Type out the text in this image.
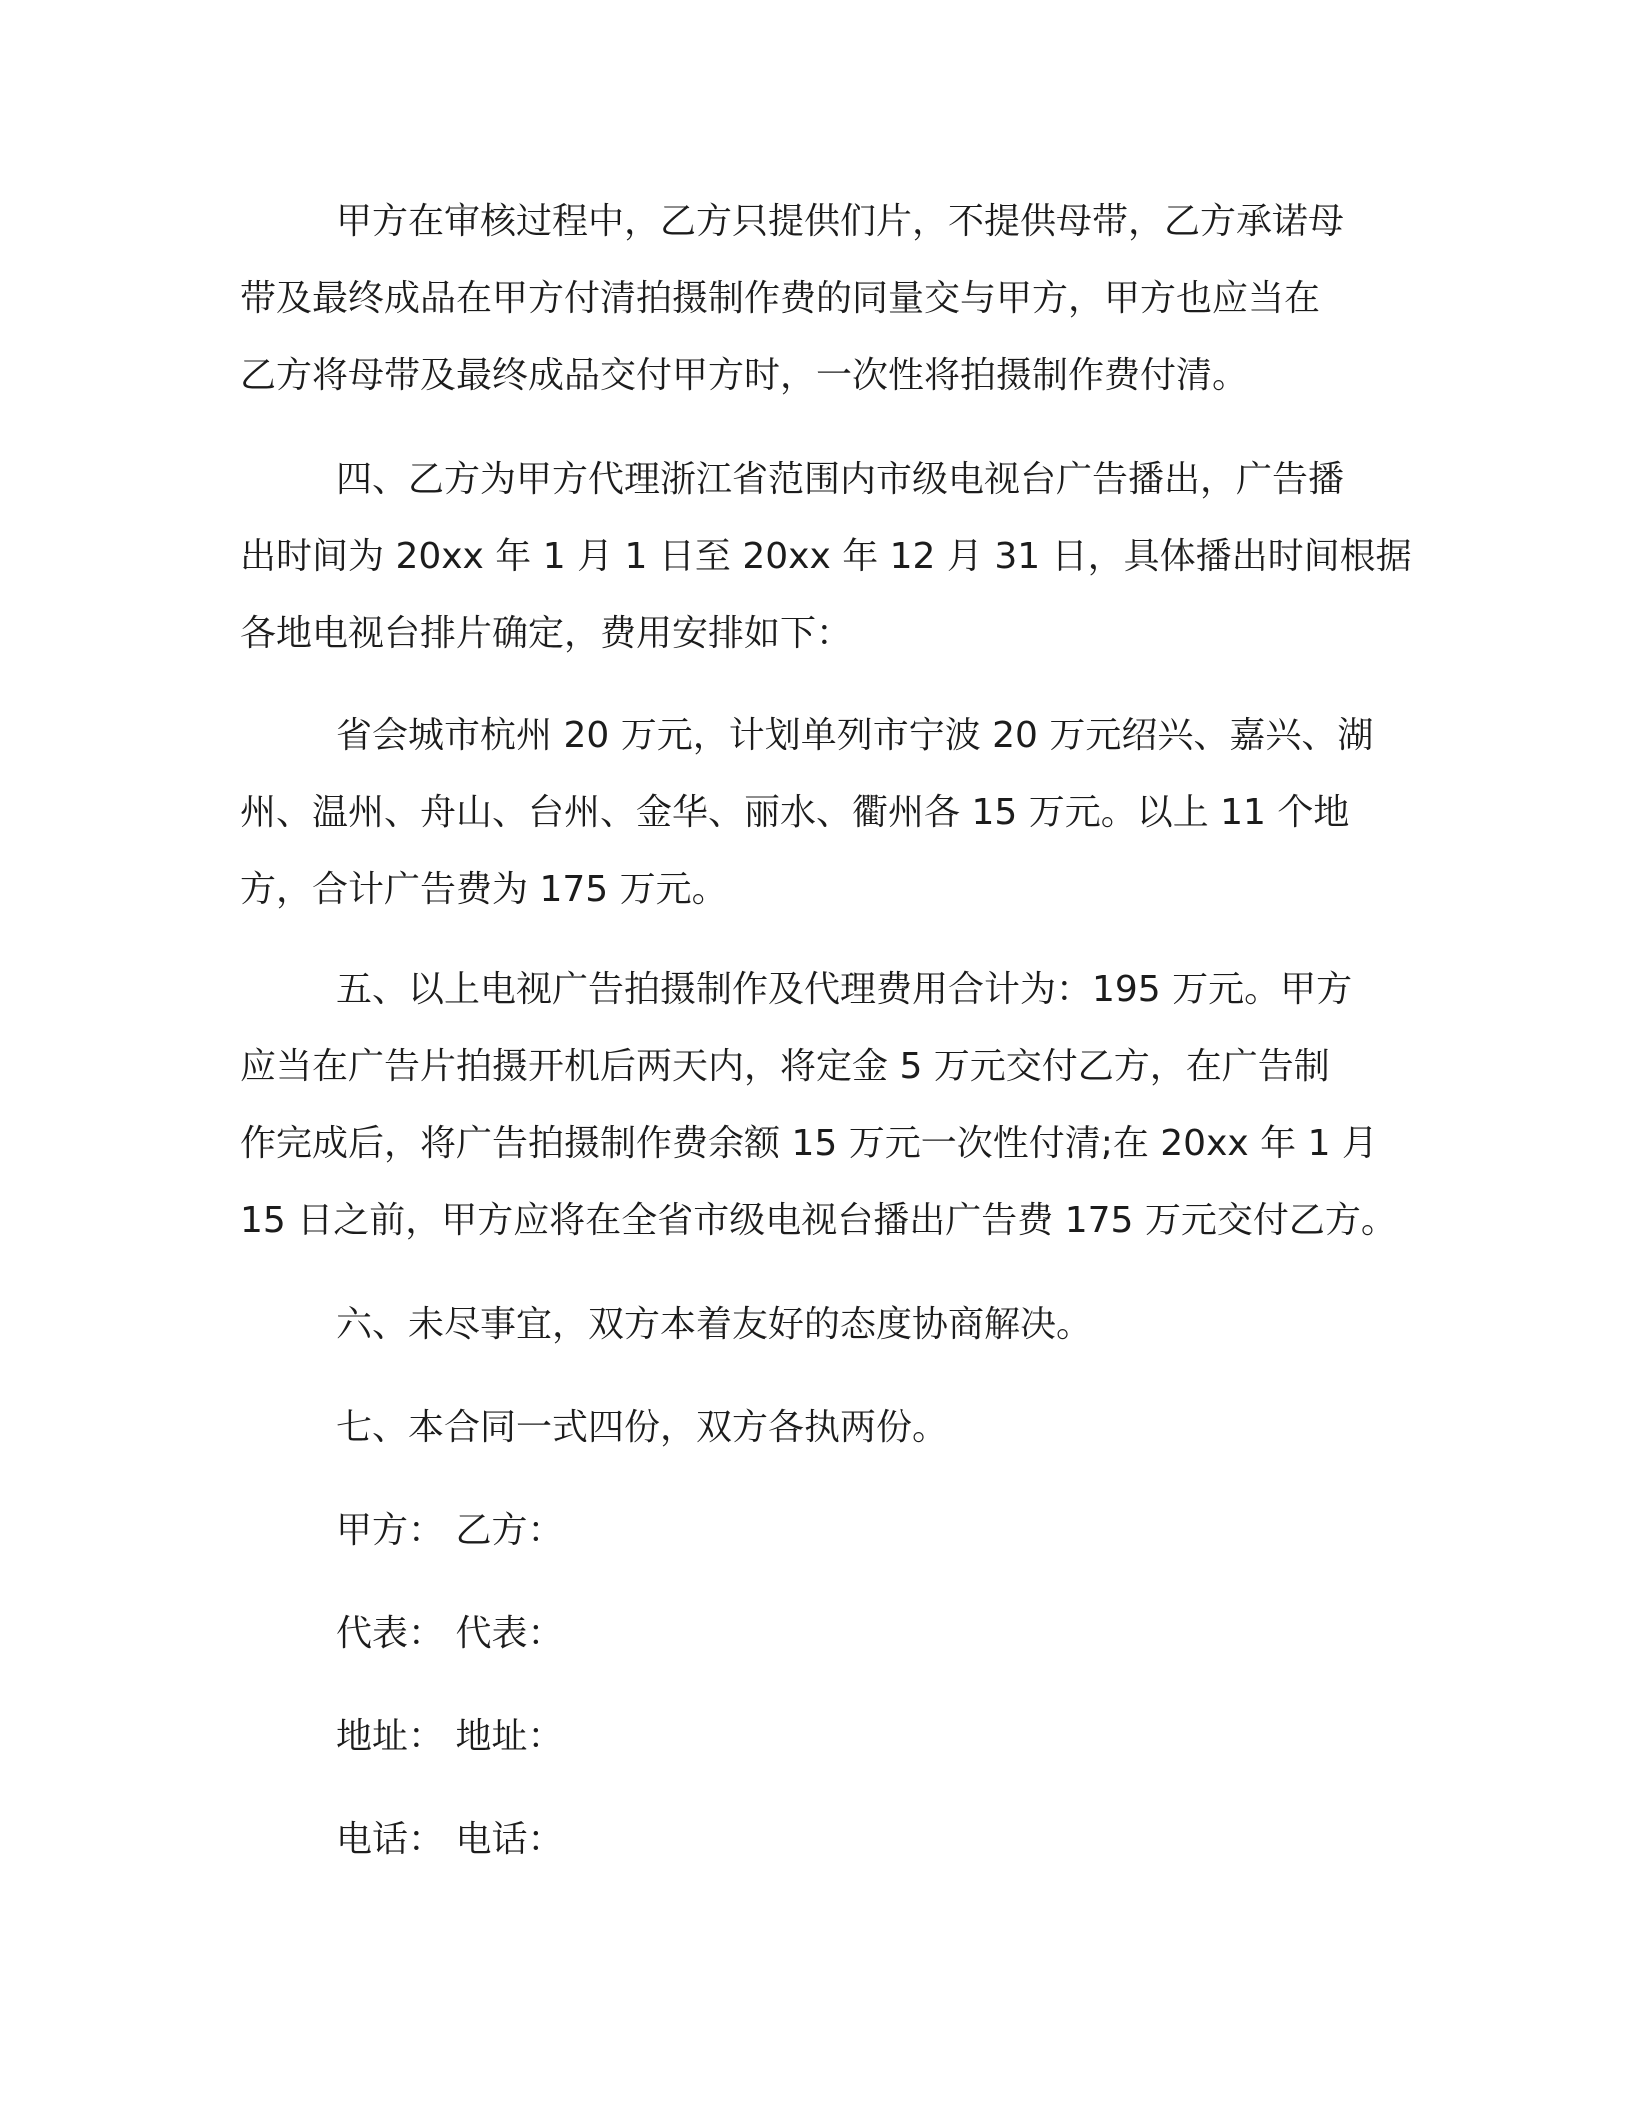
甲方在审核过程中，乙方只提供们片，不提供母带，乙方承诺母
带及最终成品在甲方付清拍摄制作费的同量交与甲方，甲方也应当在
乙方将母带及最终成品交付甲方时，一次性将拍摄制作费付清。

四、乙方为甲方代理浙江省范围内市级电视台广告播出，广告播
出时间为 20xx 年 1 月 1 日至 20xx 年 12 月 31 日，具体播出时间根据
各地电视台排片确定，费用安排如下：

省会城市杭州 20 万元，计划单列市宁波 20 万元绍兴、嘉兴、湖
州、温州、舟山、台州、金华、丽水、衢州各 15 万元。以上 11 个地
方，合计广告费为 175 万元。

五、以上电视广告拍摄制作及代理费用合计为：195 万元。甲方
应当在广告片拍摄开机后两天内，将定金 5 万元交付乙方，在广告制
作完成后，将广告拍摄制作费余额 15 万元一次性付清;在 20xx 年 1 月
15 日之前，甲方应将在全省市级电视台播出广告费 175 万元交付乙方。

六、未尽事宜，双方本着友好的态度协商解决。

七、本合同一式四份，双方各执两份。

甲方： 乙方：

代表： 代表：

地址： 地址：

电话： 电话：
